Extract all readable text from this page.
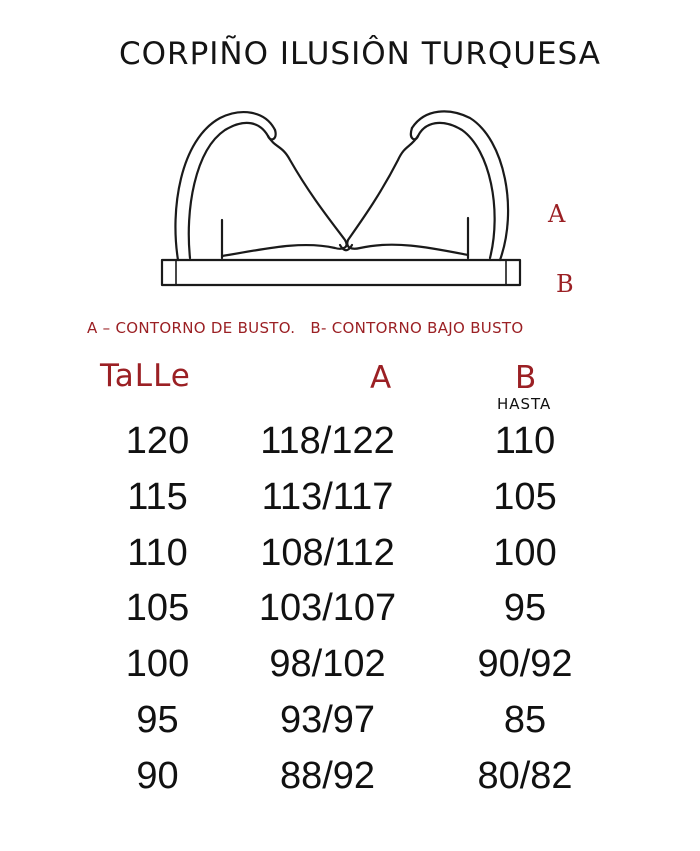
CORPIÑO ILUSIÔN TURQUESA
A
B
A – CONTORNO DE BUSTO. B- CONTORNO BAJO BUSTO
TaLLe	A	B
HASTA
120	118/122	110
115	113/117	105
110	108/112	100
105	103/107	95
100	98/102	90/92
95	93/97	85
90	88/92	80/82
